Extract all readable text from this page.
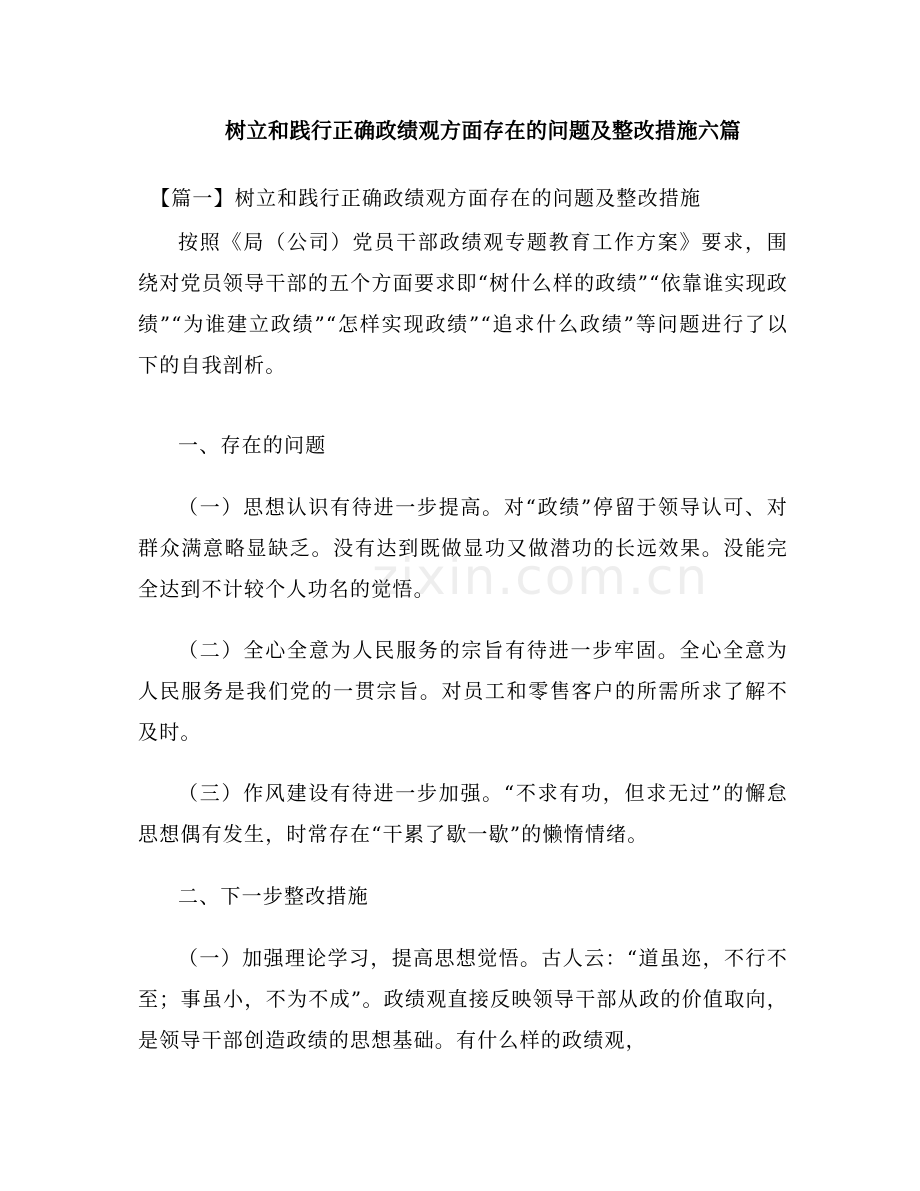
树立和践行正确政绩观方面存在的问题及整改措施六篇
【篇一】树立和践行正确政绩观方面存在的问题及整改措施

按照《局（公司）党员干部政绩观专题教育工作方案》要求，围绕对党员领导干部的五个方面要求即“树什么样的政绩”“依靠谁实现政绩”“为谁建立政绩”“怎样实现政绩”“追求什么政绩”等问题进行了以下的自我剖析。

一、存在的问题

（一）思想认识有待进一步提高。对“政绩”停留于领导认可、对群众满意略显缺乏。没有达到既做显功又做潜功的长远效果。没能完全达到不计较个人功名的觉悟。

（二）全心全意为人民服务的宗旨有待进一步牢固。全心全意为人民服务是我们党的一贯宗旨。对员工和零售客户的所需所求了解不及时。

（三）作风建设有待进一步加强。“不求有功，但求无过”的懈怠思想偶有发生，时常存在“干累了歇一歇”的懒惰情绪。

二、下一步整改措施

（一）加强理论学习，提高思想觉悟。古人云：“道虽迩，不行不至；事虽小，不为不成”。政绩观直接反映领导干部从政的价值取向，是领导干部创造政绩的思想基础。有什么样的政绩观，

zixin.com.cn
